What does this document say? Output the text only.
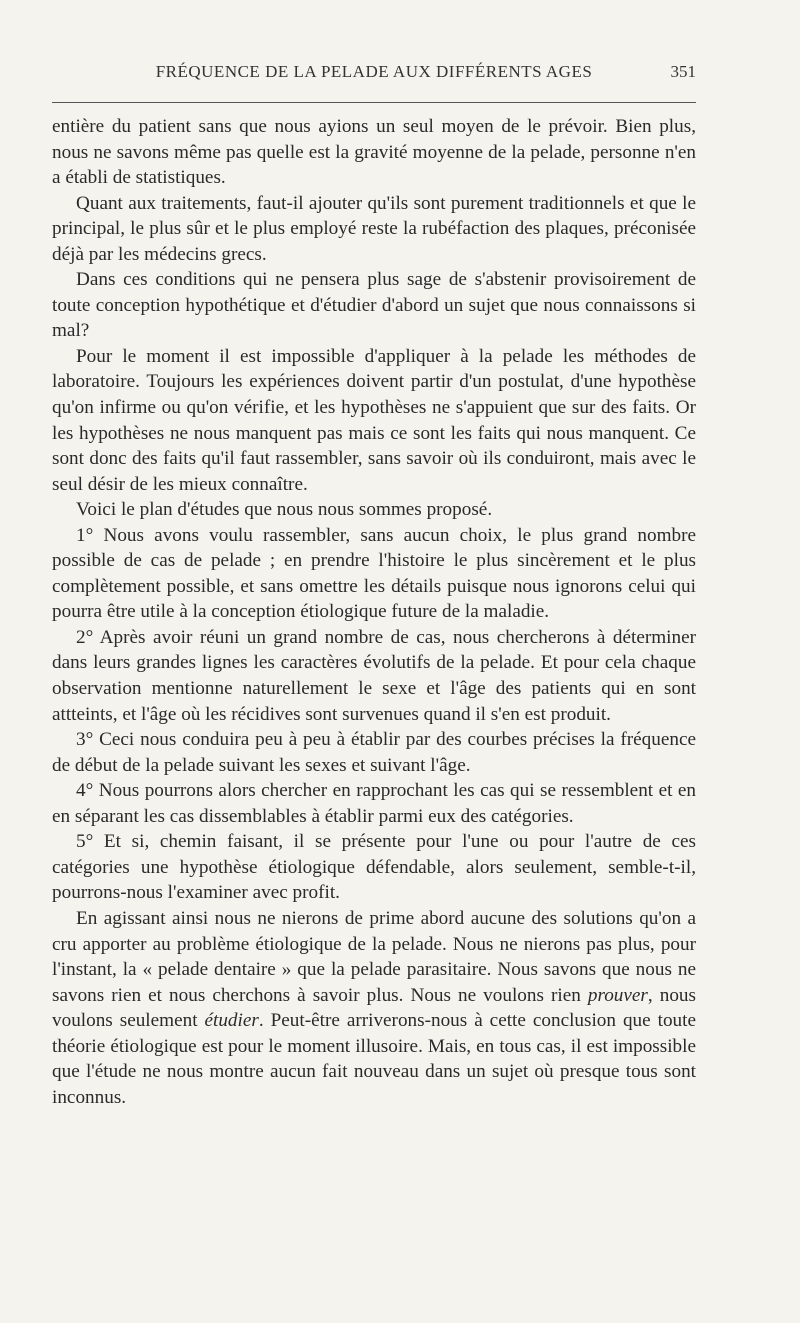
FRÉQUENCE DE LA PELADE AUX DIFFÉRENTS AGES	351

entière du patient sans que nous ayions un seul moyen de le prévoir. Bien plus, nous ne savons même pas quelle est la gravité moyenne de la pelade, personne n'en a établi de statistiques.

Quant aux traitements, faut-il ajouter qu'ils sont purement traditionnels et que le principal, le plus sûr et le plus employé reste la rubéfaction des plaques, préconisée déjà par les médecins grecs.

Dans ces conditions qui ne pensera plus sage de s'abstenir provisoirement de toute conception hypothétique et d'étudier d'abord un sujet que nous connaissons si mal?

Pour le moment il est impossible d'appliquer à la pelade les méthodes de laboratoire. Toujours les expériences doivent partir d'un postulat, d'une hypothèse qu'on infirme ou qu'on vérifie, et les hypothèses ne s'appuient que sur des faits. Or les hypothèses ne nous manquent pas mais ce sont les faits qui nous manquent. Ce sont donc des faits qu'il faut rassembler, sans savoir où ils conduiront, mais avec le seul désir de les mieux connaître.

Voici le plan d'études que nous nous sommes proposé.

1° Nous avons voulu rassembler, sans aucun choix, le plus grand nombre possible de cas de pelade ; en prendre l'histoire le plus sincèrement et le plus complètement possible, et sans omettre les détails puisque nous ignorons celui qui pourra être utile à la conception étiologique future de la maladie.

2° Après avoir réuni un grand nombre de cas, nous chercherons à déterminer dans leurs grandes lignes les caractères évolutifs de la pelade. Et pour cela chaque observation mentionne naturellement le sexe et l'âge des patients qui en sont attteints, et l'âge où les récidives sont survenues quand il s'en est produit.

3° Ceci nous conduira peu à peu à établir par des courbes précises la fréquence de début de la pelade suivant les sexes et suivant l'âge.

4° Nous pourrons alors chercher en rapprochant les cas qui se ressemblent et en en séparant les cas dissemblables à établir parmi eux des catégories.

5° Et si, chemin faisant, il se présente pour l'une ou pour l'autre de ces catégories une hypothèse étiologique défendable, alors seulement, semble-t-il, pourrons-nous l'examiner avec profit.

En agissant ainsi nous ne nierons de prime abord aucune des solutions qu'on a cru apporter au problème étiologique de la pelade. Nous ne nierons pas plus, pour l'instant, la « pelade dentaire » que la pelade parasitaire. Nous savons que nous ne savons rien et nous cherchons à savoir plus. Nous ne voulons rien prouver, nous voulons seulement étudier. Peut-être arriverons-nous à cette conclusion que toute théorie étiologique est pour le moment illusoire. Mais, en tous cas, il est impossible que l'étude ne nous montre aucun fait nouveau dans un sujet où presque tous sont inconnus.
